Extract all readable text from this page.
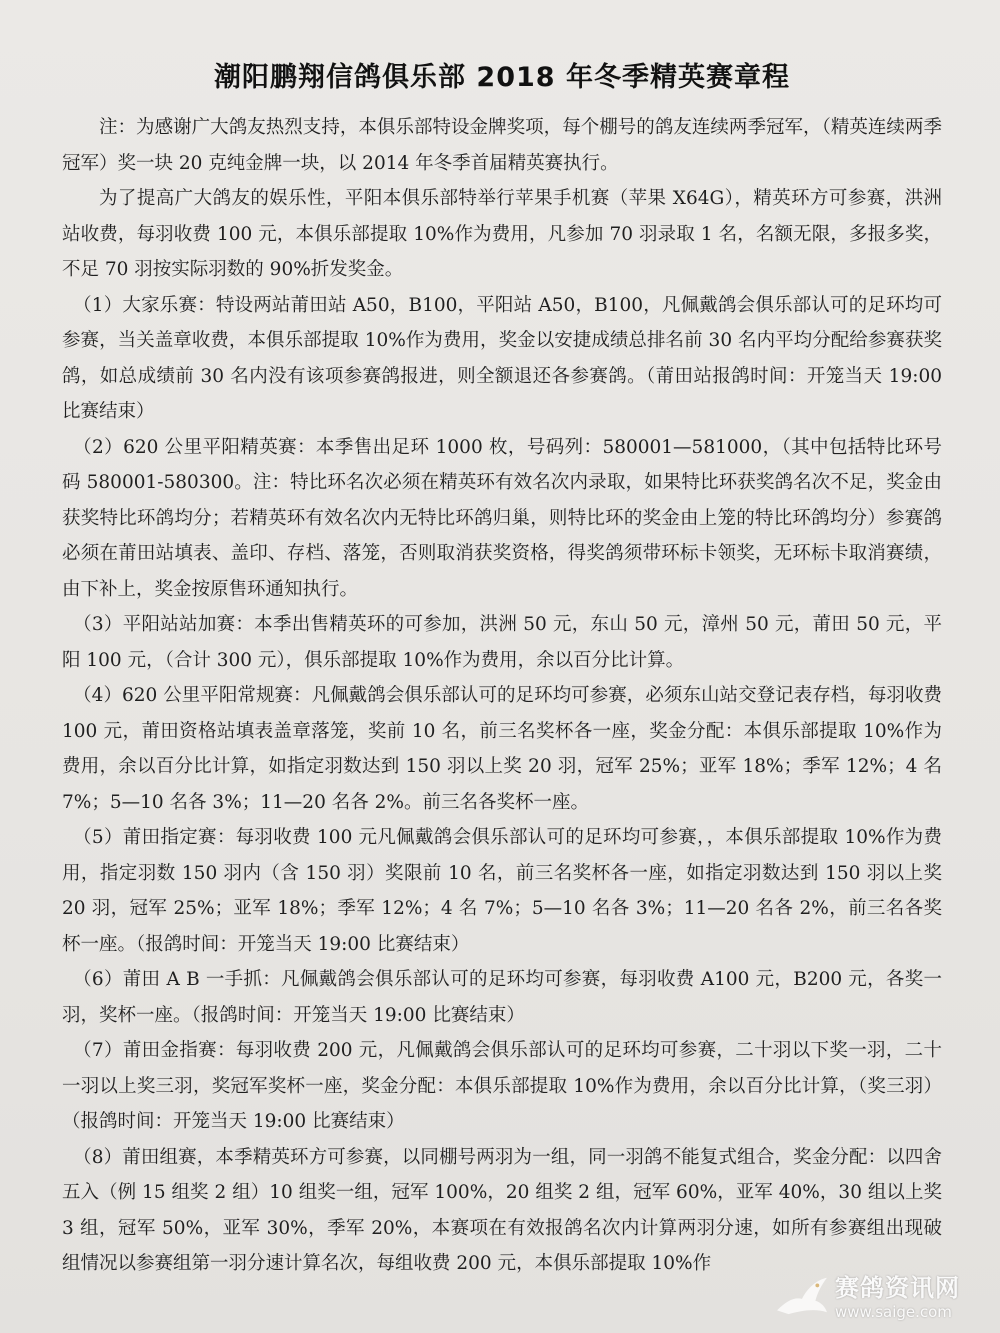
潮阳鹏翔信鸽俱乐部 2018 年冬季精英赛章程

注：为感谢广大鸽友热烈支持，本俱乐部特设金牌奖项，每个棚号的鸽友连续两季冠军，（精英连续两季冠军）奖一块 20 克纯金牌一块，以 2014 年冬季首届精英赛执行。

为了提高广大鸽友的娱乐性，平阳本俱乐部特举行苹果手机赛（苹果 X64G），精英环方可参赛，洪洲站收费，每羽收费 100 元，本俱乐部提取 10%作为费用，凡参加 70 羽录取 1 名，名额无限，多报多奖，不足 70 羽按实际羽数的 90%折发奖金。

（1）大家乐赛：特设两站莆田站 A50，B100，平阳站 A50，B100，凡佩戴鸽会俱乐部认可的足环均可参赛，当关盖章收费，本俱乐部提取 10%作为费用，奖金以安捷成绩总排名前 30 名内平均分配给参赛获奖鸽，如总成绩前 30 名内没有该项参赛鸽报进，则全额退还各参赛鸽。（莆田站报鸽时间：开笼当天 19:00 比赛结束）

（2）620 公里平阳精英赛：本季售出足环 1000 枚，号码列：580001—581000，（其中包括特比环号码 580001-580300。注：特比环名次必须在精英环有效名次内录取，如果特比环获奖鸽名次不足，奖金由获奖特比环鸽均分；若精英环有效名次内无特比环鸽归巢，则特比环的奖金由上笼的特比环鸽均分）参赛鸽必须在莆田站填表、盖印、存档、落笼，否则取消获奖资格，得奖鸽须带环标卡领奖，无环标卡取消赛绩，由下补上，奖金按原售环通知执行。

（3）平阳站站加赛：本季出售精英环的可参加，洪洲 50 元，东山 50 元，漳州 50 元，莆田 50 元，平阳 100 元，（合计 300 元），俱乐部提取 10%作为费用，余以百分比计算。

（4）620 公里平阳常规赛：凡佩戴鸽会俱乐部认可的足环均可参赛，必须东山站交登记表存档，每羽收费 100 元，莆田资格站填表盖章落笼，奖前 10 名，前三名奖杯各一座，奖金分配：本俱乐部提取 10%作为费用，余以百分比计算，如指定羽数达到 150 羽以上奖 20 羽，冠军 25%；亚军 18%；季军 12%；4 名 7%；5—10 名各 3%；11—20 名各 2%。前三名各奖杯一座。

（5）莆田指定赛：每羽收费 100 元凡佩戴鸽会俱乐部认可的足环均可参赛，，本俱乐部提取 10%作为费用，指定羽数 150 羽内（含 150 羽）奖限前 10 名，前三名奖杯各一座，如指定羽数达到 150 羽以上奖 20 羽，冠军 25%；亚军 18%；季军 12%；4 名 7%；5—10 名各 3%；11—20 名各 2%，前三名各奖杯一座。（报鸽时间：开笼当天 19:00 比赛结束）

（6）莆田 A B 一手抓：凡佩戴鸽会俱乐部认可的足环均可参赛，每羽收费 A100 元，B200 元，各奖一羽，奖杯一座。（报鸽时间：开笼当天 19:00 比赛结束）

（7）莆田金指赛：每羽收费 200 元，凡佩戴鸽会俱乐部认可的足环均可参赛，二十羽以下奖一羽，二十一羽以上奖三羽，奖冠军奖杯一座，奖金分配：本俱乐部提取 10%作为费用，余以百分比计算，（奖三羽）（报鸽时间：开笼当天 19:00 比赛结束）

（8）莆田组赛，本季精英环方可参赛，以同棚号两羽为一组，同一羽鸽不能复式组合，奖金分配：以四舍五入（例 15 组奖 2 组）10 组奖一组，冠军 100%，20 组奖 2 组，冠军 60%，亚军 40%，30 组以上奖 3 组，冠军 50%，亚军 30%，季军 20%，本赛项在有效报鸽名次内计算两羽分速，如所有参赛组出现破组情况以参赛组第一羽分速计算名次，每组收费 200 元，本俱乐部提取 10%作

赛鸽资讯网
www.saige.com
